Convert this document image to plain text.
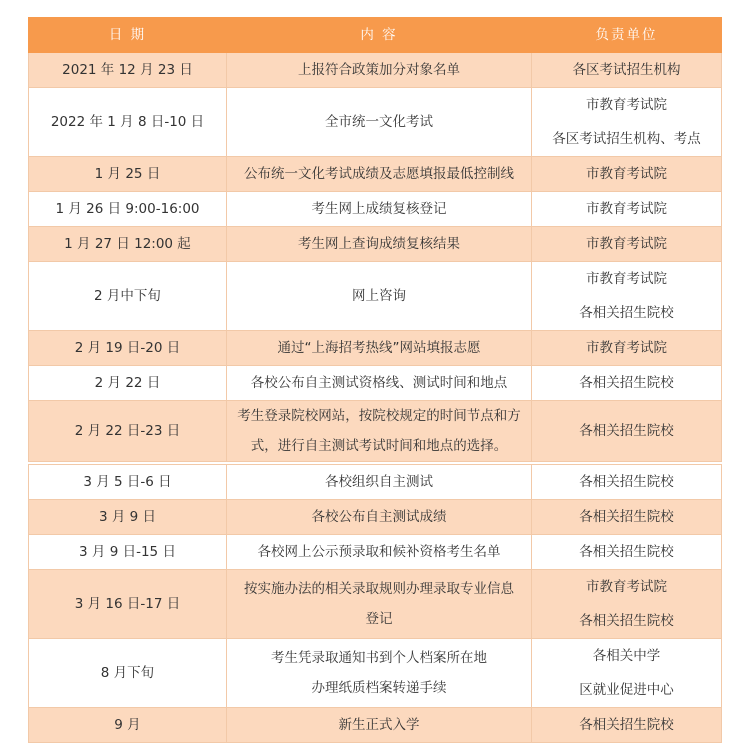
日 期	内 容	负责单位
2021 年 12 月 23 日	上报符合政策加分对象名单	各区考试招生机构

2022 年 1 月 8 日-10 日	全市统一文化考试	市教育考试院
各区考试招生机构、考点

1 月 25 日	公布统一文化考试成绩及志愿填报最低控制线	市教育考试院

1 月 26 日 9:00-16:00	考生网上成绩复核登记	市教育考试院

1 月 27 日 12:00 起	考生网上查询成绩复核结果	市教育考试院

2 月中下旬	网上咨询	市教育考试院
各相关招生院校

2 月 19 日-20 日	通过“上海招考热线”网站填报志愿	市教育考试院

2 月 22 日	各校公布自主测试资格线、测试时间和地点	各相关招生院校

2 月 22 日-23 日	考生登录院校网站，按院校规定的时间节点和方
式，进行自主测试考试时间和地点的选择。	各相关招生院校
3 月 5 日-6 日	各校组织自主测试	各相关招生院校

3 月 9 日	各校公布自主测试成绩	各相关招生院校

3 月 9 日-15 日	各校网上公示预录取和候补资格考生名单	各相关招生院校

3 月 16 日-17 日	按实施办法的相关录取规则办理录取专业信息
登记	市教育考试院
各相关招生院校

8 月下旬	考生凭录取通知书到个人档案所在地
办理纸质档案转递手续	各相关中学
区就业促进中心

9 月	新生正式入学	各相关招生院校
